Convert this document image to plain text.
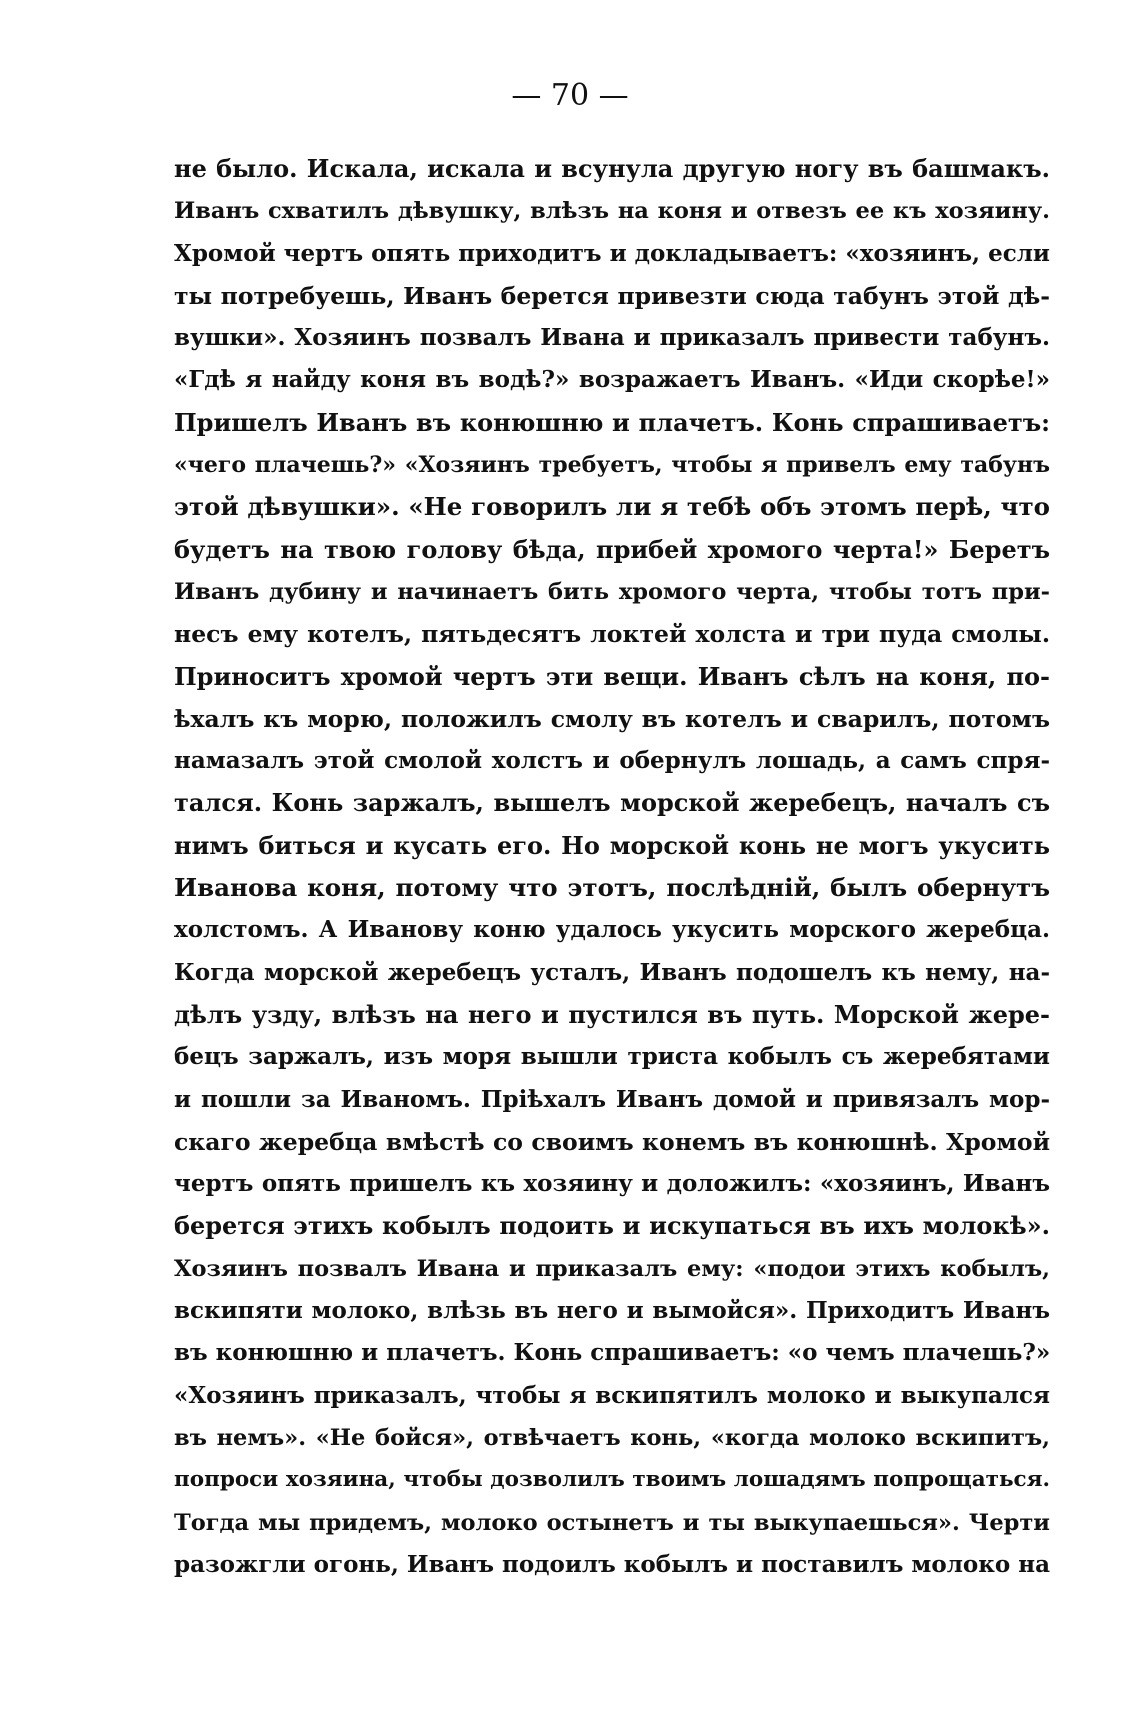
— 70 —
не было. Искала, искала и всунула другую ногу въ башмакъ.
Иванъ схватилъ дѣвушку, влѣзъ на коня и отвезъ ее къ хозяину.
Хромой чертъ опять приходитъ и докладываетъ: «хозяинъ, если
ты потребуешь, Иванъ берется привезти сюда табунъ этой дѣ-
вушки». Хозяинъ позвалъ Ивана и приказалъ привести табунъ.
«Гдѣ я найду коня въ водѣ?» возражаетъ Иванъ. «Иди скорѣе!»
Пришелъ Иванъ въ конюшню и плачетъ. Конь спрашиваетъ:
«чего плачешь?» «Хозяинъ требуетъ, чтобы я привелъ ему табунъ
этой дѣвушки». «Не говорилъ ли я тебѣ объ этомъ перѣ, что
будетъ на твою голову бѣда, прибей хромого черта!» Беретъ
Иванъ дубину и начинаетъ бить хромого черта, чтобы тотъ при-
несъ ему котелъ, пятьдесятъ локтей холста и три пуда смолы.
Приноситъ хромой чертъ эти вещи. Иванъ сѣлъ на коня, по-
ѣхалъ къ морю, положилъ смолу въ котелъ и сварилъ, потомъ
намазалъ этой смолой холстъ и обернулъ лошадь, а самъ спря-
тался. Конь заржалъ, вышелъ морской жеребецъ, началъ съ
нимъ биться и кусать его. Но морской конь не могъ укусить
Иванова коня, потому что этотъ, послѣдній, былъ обернутъ
холстомъ. А Иванову коню удалось укусить морского жеребца.
Когда морской жеребецъ усталъ, Иванъ подошелъ къ нему, на-
дѣлъ узду, влѣзъ на него и пустился въ путь. Морской жере-
бецъ заржалъ, изъ моря вышли триста кобылъ съ жеребятами
и пошли за Иваномъ. Пріѣхалъ Иванъ домой и привязалъ мор-
скаго жеребца вмѣстѣ со своимъ конемъ въ конюшнѣ. Хромой
чертъ опять пришелъ къ хозяину и доложилъ: «хозяинъ, Иванъ
берется этихъ кобылъ подоить и искупаться въ ихъ молокѣ».
Хозяинъ позвалъ Ивана и приказалъ ему: «подои этихъ кобылъ,
вскипяти молоко, влѣзь въ него и вымойся». Приходитъ Иванъ
въ конюшню и плачетъ. Конь спрашиваетъ: «о чемъ плачешь?»
«Хозяинъ приказалъ, чтобы я вскипятилъ молоко и выкупался
въ немъ». «Не бойся», отвѣчаетъ конь, «когда молоко вскипитъ,
попроси хозяина, чтобы дозволилъ твоимъ лошадямъ попрощаться.
Тогда мы придемъ, молоко остынетъ и ты выкупаешься». Черти
разожгли огонь, Иванъ подоилъ кобылъ и поставилъ молоко на
